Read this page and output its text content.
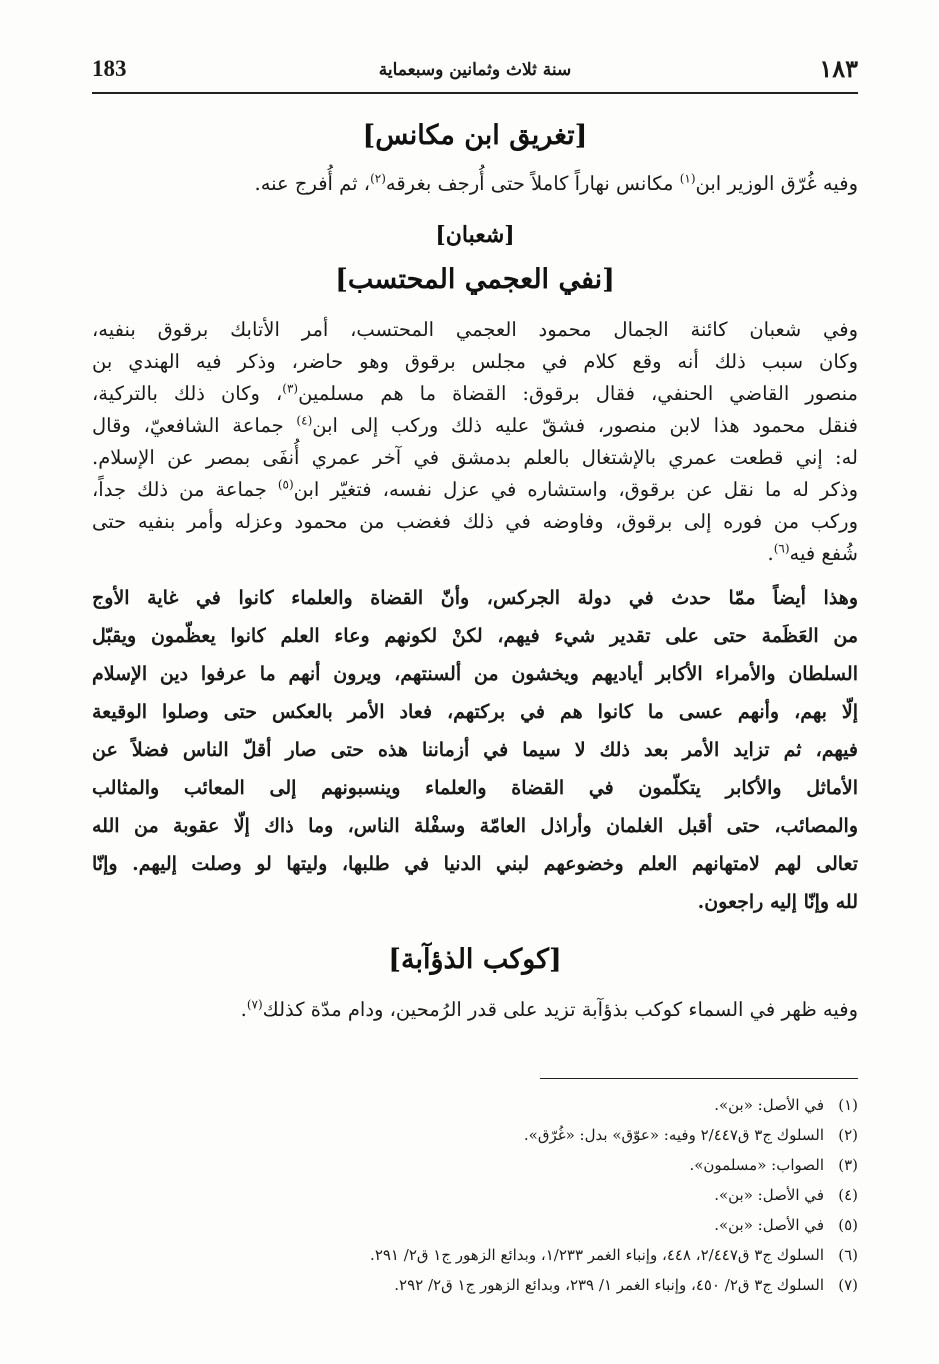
183	سنة ثلاث وثمانين وسبعماية	١٨٣
[تغريق ابن مكانس]
وفيه غُرّق الوزير ابن$^{(١)}$ مكانس نهاراً كاملاً حتى أُرجف بغرقه$^{(٢)}$، ثم أُفرج عنه.
[شعبان]
[نفي العجمي المحتسب]
وفي شعبان كائنة الجمال محمود العجمي المحتسب، أمر الأتابك برقوق بنفيه،
وكان سبب ذلك أنه وقع كلام في مجلس برقوق وهو حاضر، وذكر فيه الهندي بن
منصور القاضي الحنفي، فقال برقوق: القضاة ما هم مسلمين$^{(٣)}$، وكان ذلك بالتركية،
فنقل محمود هذا لابن منصور، فشقّ عليه ذلك وركب إلى ابن$^{(٤)}$ جماعة الشافعيّ، وقال
له: إني قطعت عمري بالإشتغال بالعلم بدمشق في آخر عمري أُنفَى بمصر عن الإسلام.
وذكر له ما نقل عن برقوق، واستشاره في عزل نفسه، فتغيّر ابن$^{(٥)}$ جماعة من ذلك جداً،
وركب من فوره إلى برقوق، وفاوضه في ذلك فغضب من محمود وعزله وأمر بنفيه حتى
شُفع فيه$^{(٦)}$.
وهذا أيضاً ممّا حدث في دولة الجركس، وأنّ القضاة والعلماء كانوا في غاية الأوج
من العَظَمة حتى على تقدير شيء فيهم، لكنْ لكونهم وعاء العلم كانوا يعظّمون ويقبّل
السلطان والأمراء الأكابر أياديهم ويخشون من ألسنتهم، ويرون أنهم ما عرفوا دين الإسلام
إلّا بهم، وأنهم عسى ما كانوا هم في بركتهم، فعاد الأمر بالعكس حتى وصلوا الوقيعة
فيهم، ثم تزايد الأمر بعد ذلك لا سيما في أزماننا هذه حتى صار أقلّ الناس فضلاً عن
الأماثل والأكابر يتكلّمون في القضاة والعلماء وينسبونهم إلى المعائب والمثالب
والمصائب، حتى أقبل الغلمان وأراذل العامّة وسفْلة الناس، وما ذاك إلّا عقوبة من الله
تعالى لهم لامتهانهم العلم وخضوعهم لبني الدنيا في طلبها، وليتها لو وصلت إليهم. وإنّا
لله وإنّا إليه راجعون.
[كوكب الذؤآبة]
وفيه ظهر في السماء كوكب بذؤآبة تزيد على قدر الرُمحين، ودام مدّة كذلك$^{(٧)}$.
(١)في الأصل: «بن».
(٢)السلوك ج٣ ق٢/٤٤٧ وفيه: «عوّق» بدل: «غُرّق».
(٣)الصواب: «مسلمون».
(٤)في الأصل: «بن».
(٥)في الأصل: «بن».
(٦)السلوك ج٣ ق٢/٤٤٧، ٤٤٨، وإنباء الغمر ١/٢٣٣، وبدائع الزهور ج١ ق٢/ ٢٩١.
(٧)السلوك ج٣ ق٢/ ٤٥٠، وإنباء الغمر ١/ ٢٣٩، وبدائع الزهور ج١ ق٢/ ٢٩٢.
